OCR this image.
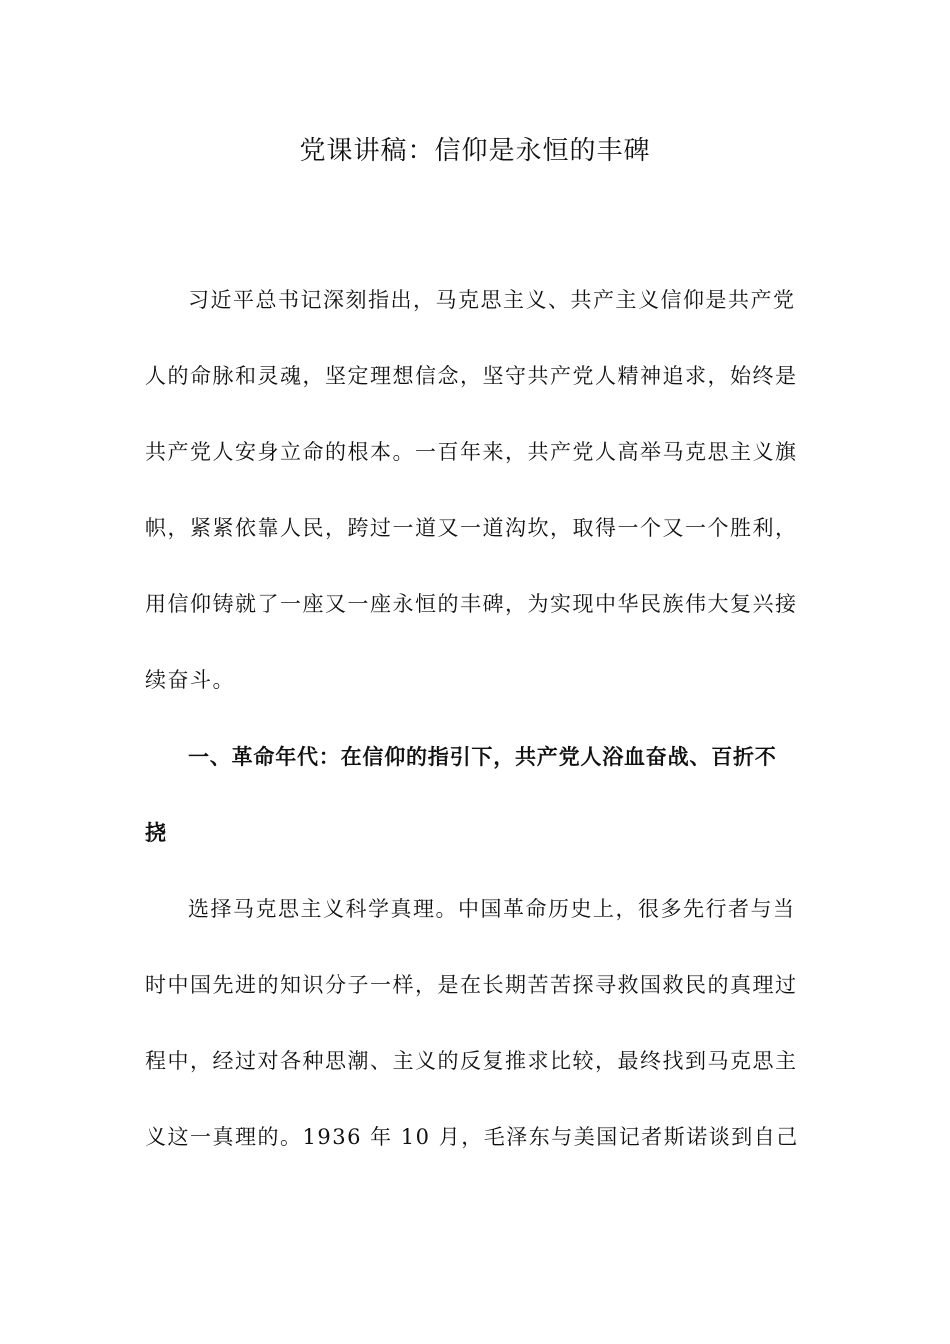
党课讲稿：信仰是永恒的丰碑
习近平总书记深刻指出，马克思主义、共产主义信仰是共产党
人的命脉和灵魂，坚定理想信念，坚守共产党人精神追求，始终是
共产党人安身立命的根本。一百年来，共产党人高举马克思主义旗
帜，紧紧依靠人民，跨过一道又一道沟坎，取得一个又一个胜利，
用信仰铸就了一座又一座永恒的丰碑，为实现中华民族伟大复兴接
续奋斗。
一、革命年代：在信仰的指引下，共产党人浴血奋战、百折不
挠
选择马克思主义科学真理。中国革命历史上，很多先行者与当
时中国先进的知识分子一样，是在长期苦苦探寻救国救民的真理过
程中，经过对各种思潮、主义的反复推求比较，最终找到马克思主
义这一真理的。1936 年 10 月，毛泽东与美国记者斯诺谈到自己
